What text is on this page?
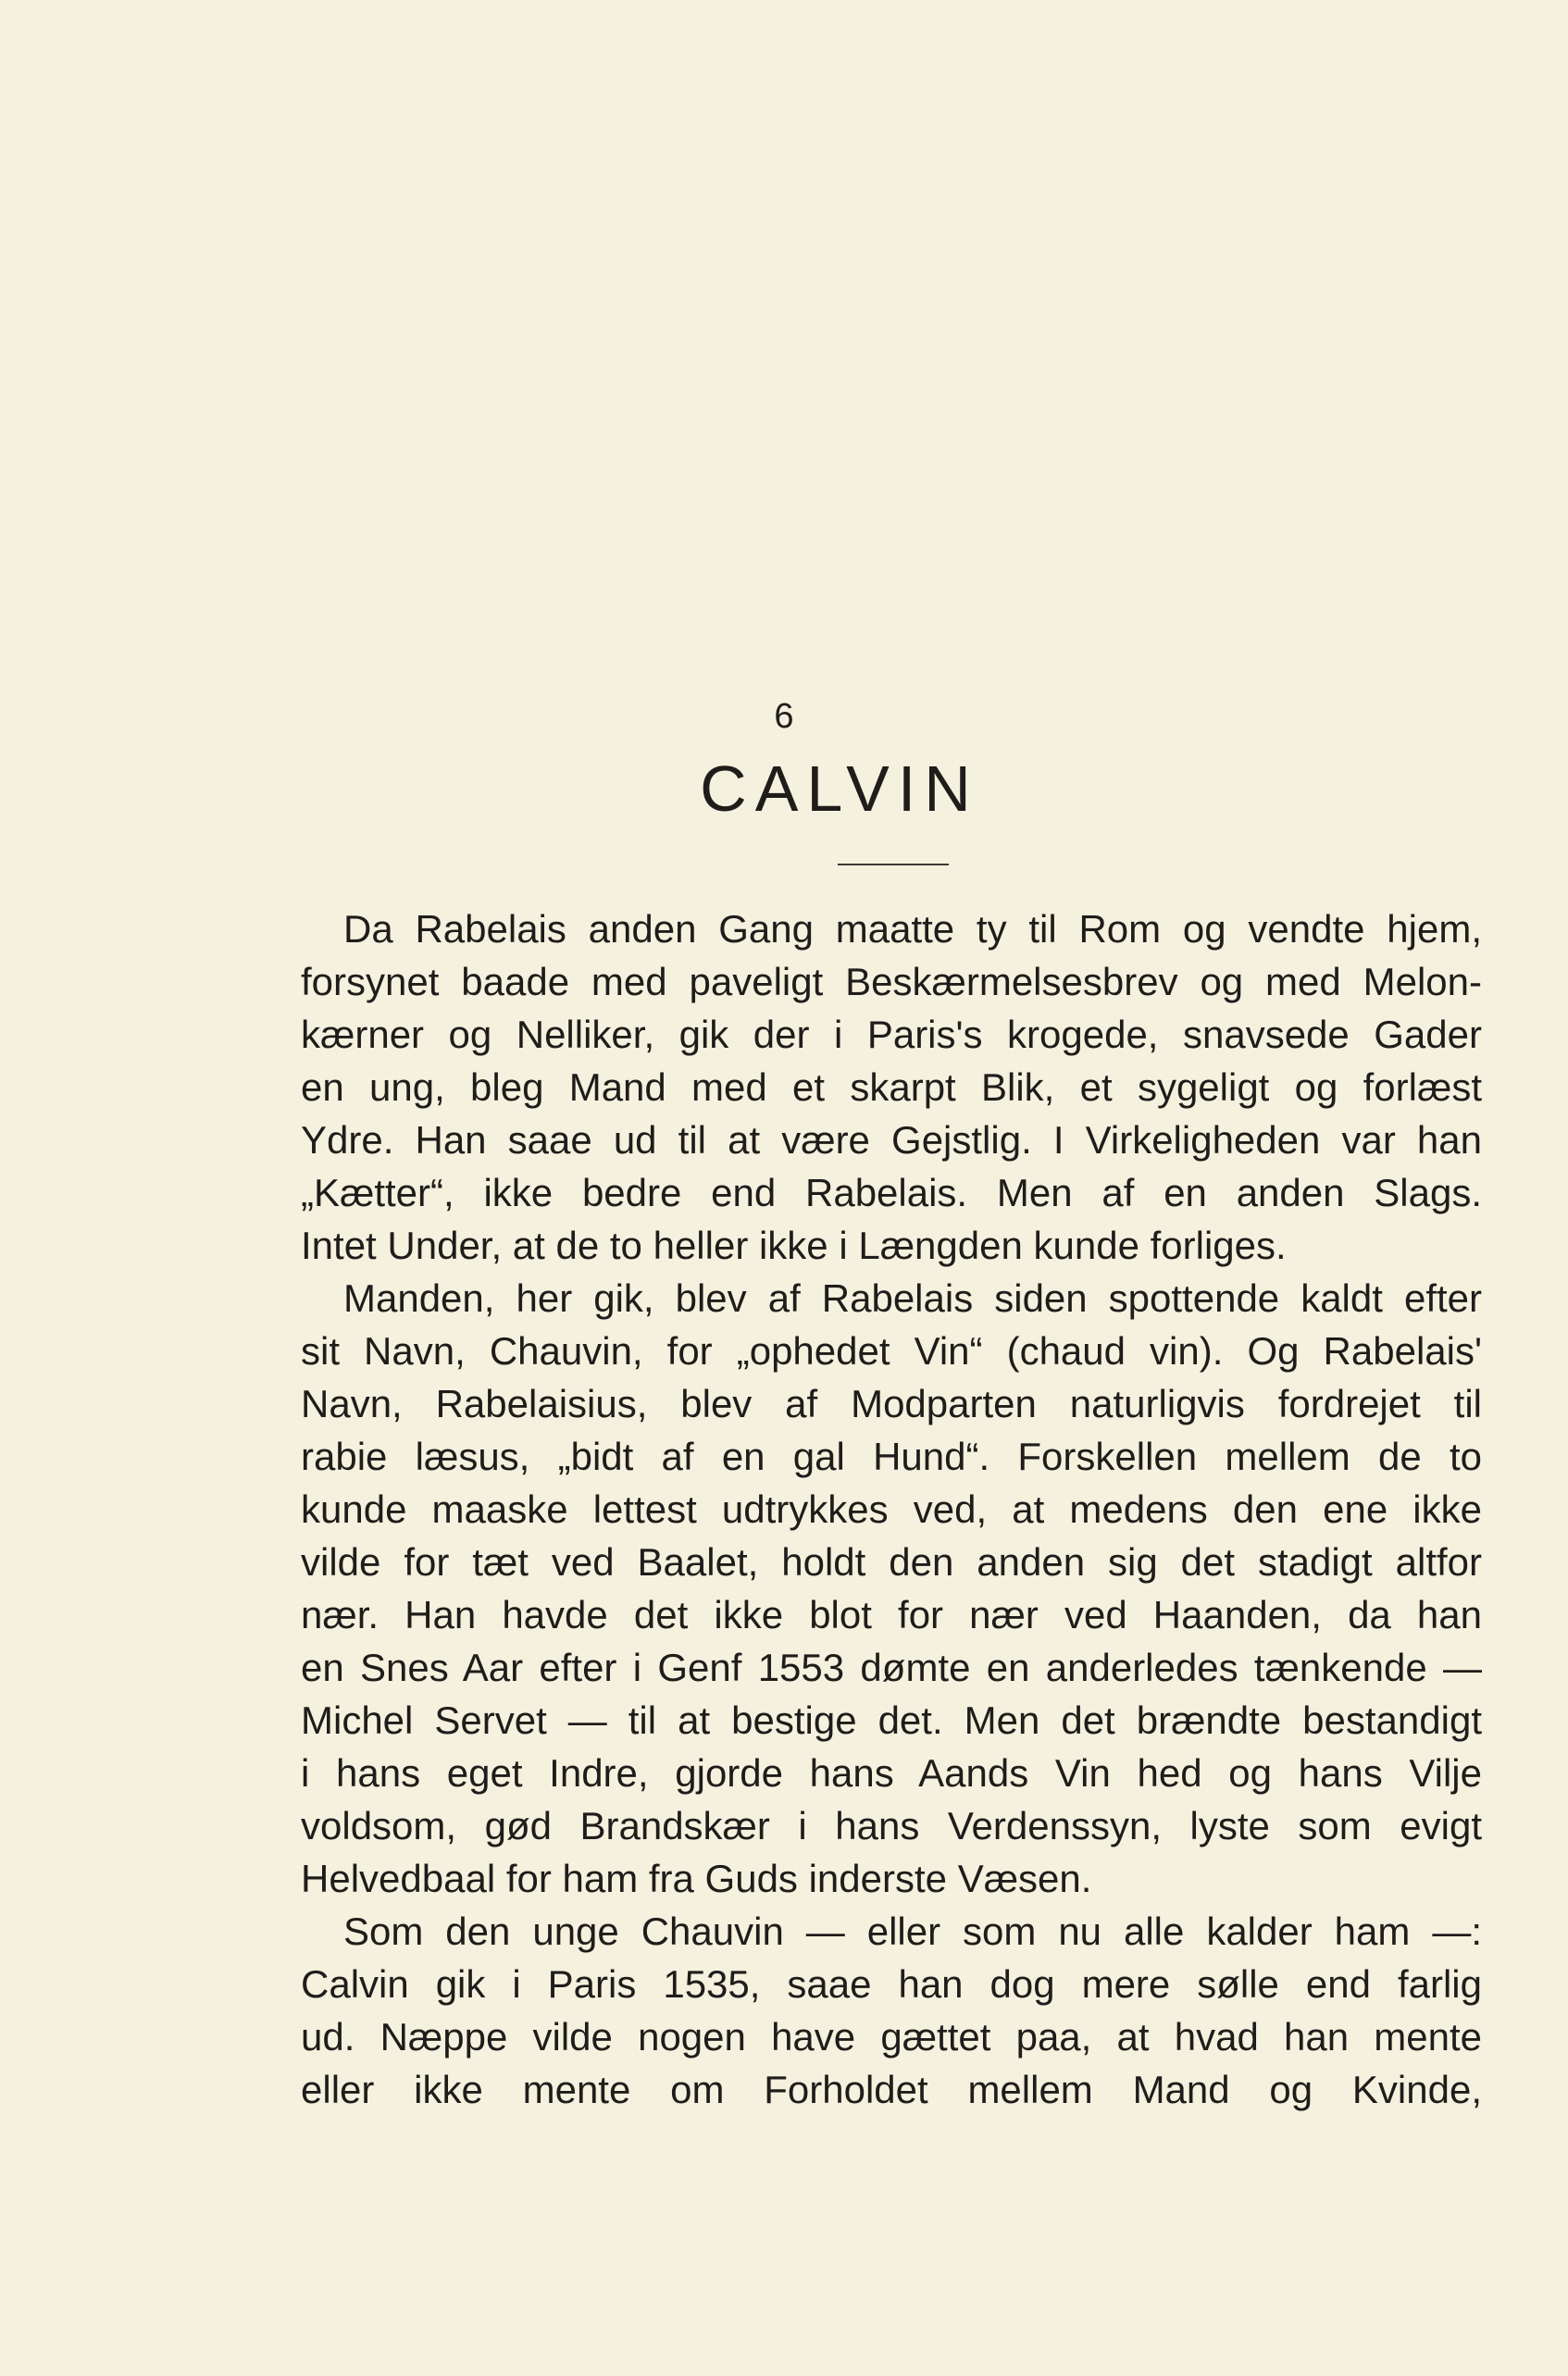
6
CALVIN
Da Rabelais anden Gang maatte ty til Rom og vendte hjem,
forsynet baade med paveligt Beskærmelsesbrev og med Melon-
kærner og Nelliker, gik der i Paris's krogede, snavsede Gader
en ung, bleg Mand med et skarpt Blik, et sygeligt og forlæst
Ydre. Han saae ud til at være Gejstlig. I Virkeligheden var han
„Kætter“, ikke bedre end Rabelais. Men af en anden Slags.
Intet Under, at de to heller ikke i Længden kunde forliges.
Manden, her gik, blev af Rabelais siden spottende kaldt efter
sit Navn, Chauvin, for „ophedet Vin“ (chaud vin). Og Rabelais'
Navn, Rabelaisius, blev af Modparten naturligvis fordrejet til
rabie læsus, „bidt af en gal Hund“. Forskellen mellem de to
kunde maaske lettest udtrykkes ved, at medens den ene ikke
vilde for tæt ved Baalet, holdt den anden sig det stadigt altfor
nær. Han havde det ikke blot for nær ved Haanden, da han
en Snes Aar efter i Genf 1553 dømte en anderledes tænkende —
Michel Servet — til at bestige det. Men det brændte bestandigt
i hans eget Indre, gjorde hans Aands Vin hed og hans Vilje
voldsom, gød Brandskær i hans Verdenssyn, lyste som evigt
Helvedbaal for ham fra Guds inderste Væsen.
Som den unge Chauvin — eller som nu alle kalder ham —:
Calvin gik i Paris 1535, saae han dog mere sølle end farlig
ud. Næppe vilde nogen have gættet paa, at hvad han mente
eller ikke mente om Forholdet mellem Mand og Kvinde,
